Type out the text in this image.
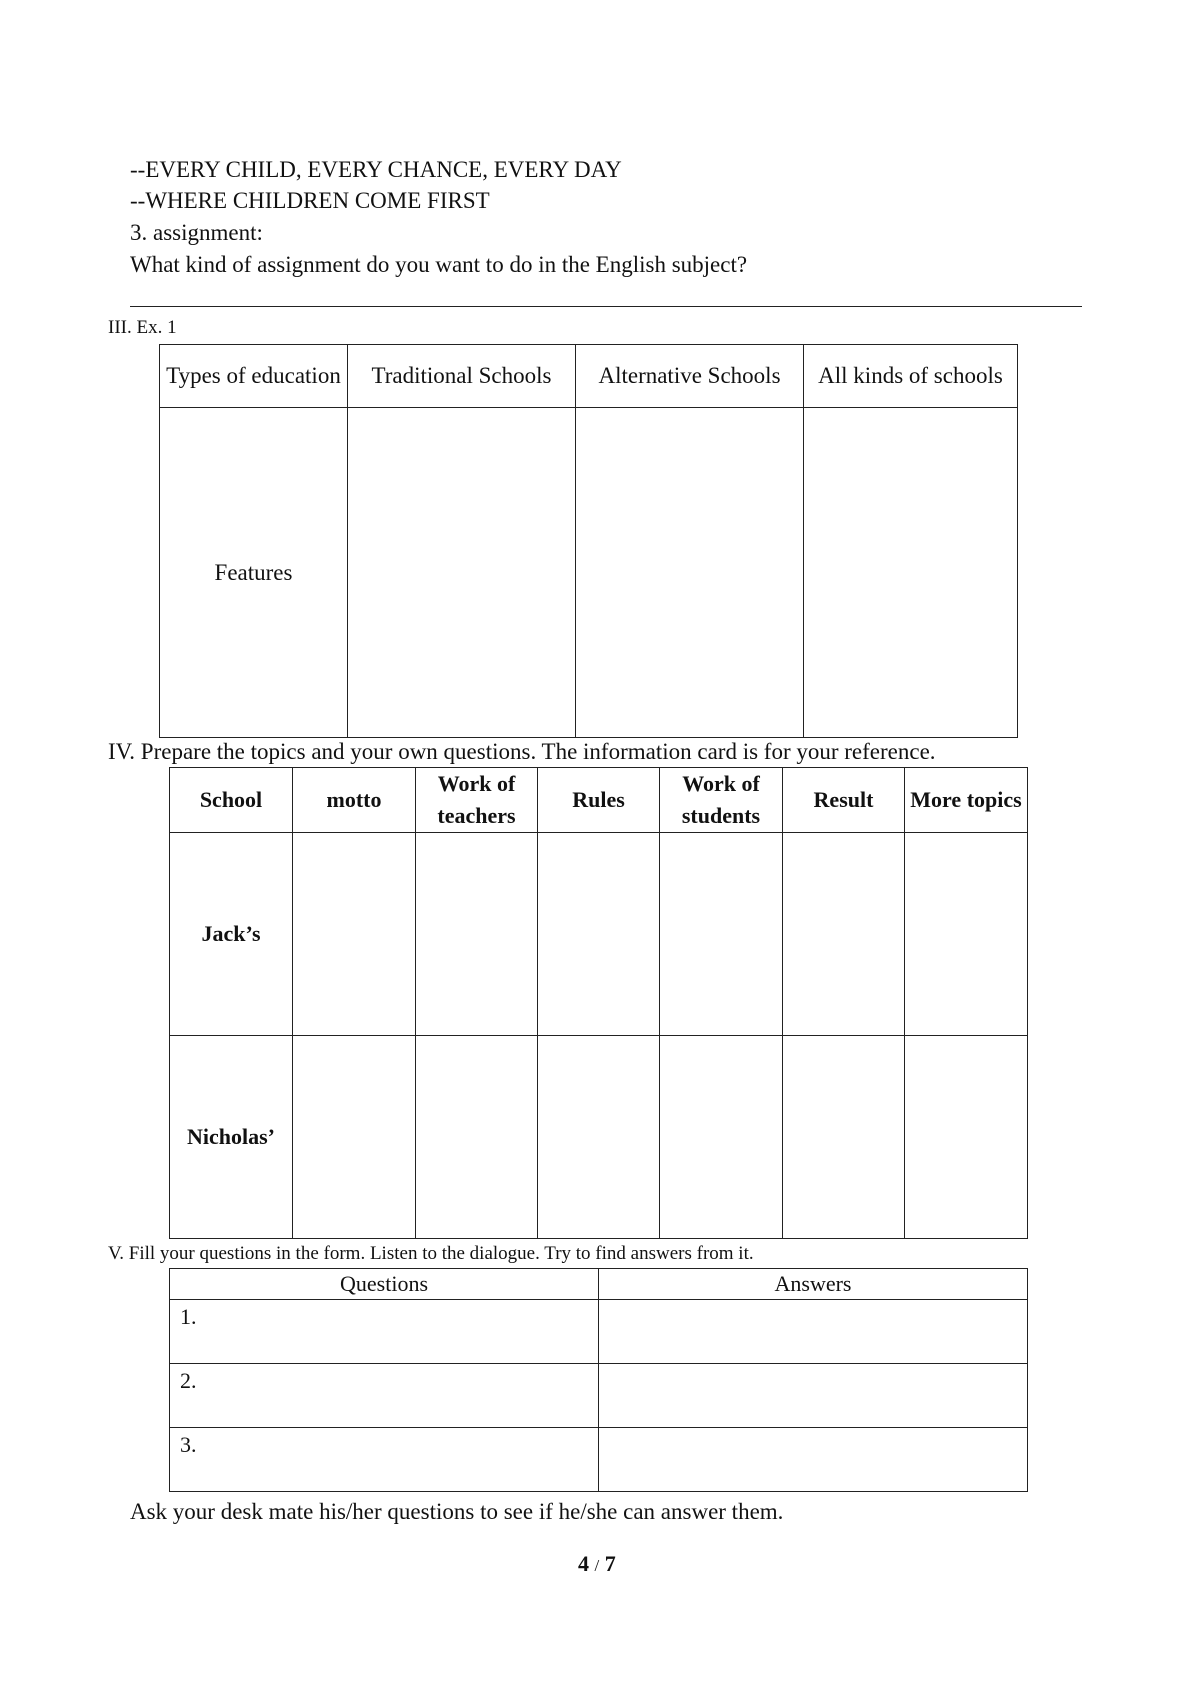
--EVERY CHILD, EVERY CHANCE, EVERY DAY
--WHERE CHILDREN COME FIRST
3. assignment:
What kind of assignment do you want to do in the English subject?
III. Ex. 1
Types of education	Traditional Schools	Alternative Schools	All kinds of schools
Features			
IV. Prepare the topics and your own questions. The information card is for your reference.
School	motto	Work of teachers	Rules	Work of students	Result	More topics
Jack’s						
Nicholas’						
V. Fill your questions in the form. Listen to the dialogue. Try to find answers from it.
Questions	Answers
1.	
2.	
3.	
Ask your desk mate his/her questions to see if he/she can answer them.
4 / 7
